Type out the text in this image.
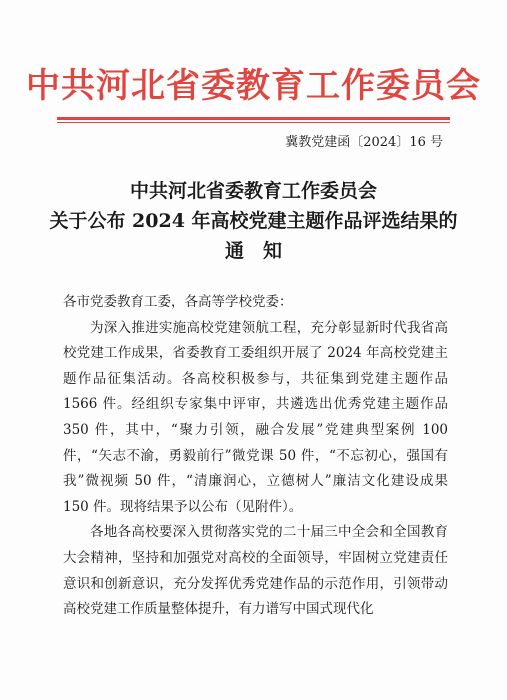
中共河北省委教育工作委员会
冀教党建函〔2024〕16 号
中共河北省委教育工作委员会
关于公布 2024 年高校党建主题作品评选结果的
通　知
各市党委教育工委，各高等学校党委：

为深入推进实施高校党建领航工程，充分彰显新时代我省高校党建工作成果，省委教育工委组织开展了 2024 年高校党建主题作品征集活动。各高校积极参与，共征集到党建主题作品 1566 件。经组织专家集中评审，共遴选出优秀党建主题作品 350 件，其中，“聚力引领，融合发展”党建典型案例 100 件，“矢志不渝，勇毅前行”微党课 50 件，“不忘初心，强国有我”微视频 50 件，“清廉润心，立德树人”廉洁文化建设成果 150 件。现将结果予以公布（见附件）。

各地各高校要深入贯彻落实党的二十届三中全会和全国教育大会精神，坚持和加强党对高校的全面领导，牢固树立党建责任意识和创新意识，充分发挥优秀党建作品的示范作用，引领带动高校党建工作质量整体提升，有力谱写中国式现代化
